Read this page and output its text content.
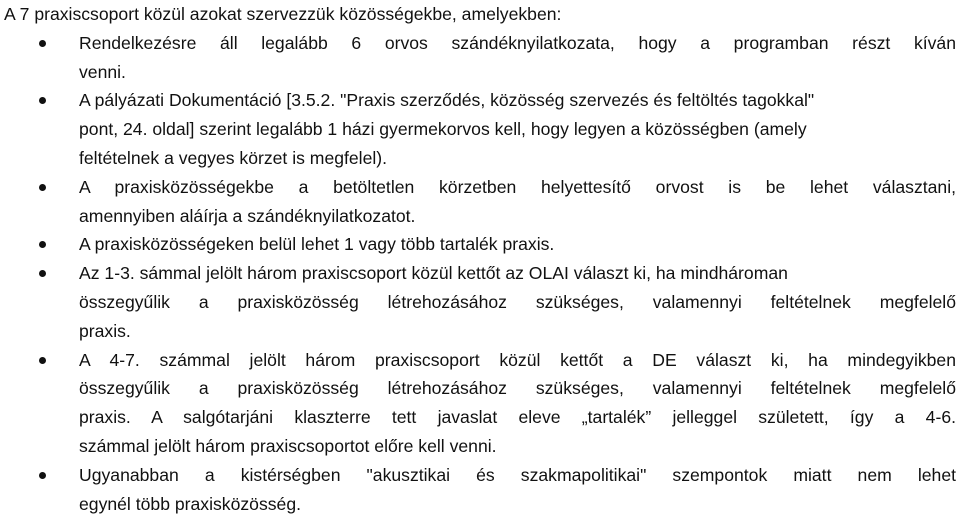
A 7 praxiscsoport közül azokat szervezzük közösségekbe, amelyekben:

Rendelkezésre áll legalább 6 orvos szándéknyilatkozata, hogy a programban részt kíván
venni.
A pályázati Dokumentáció [3.5.2. "Praxis szerződés, közösség szervezés és feltöltés tagokkal"
pont, 24. oldal] szerint legalább 1 házi gyermekorvos kell, hogy legyen a közösségben (amely
feltételnek a vegyes körzet is megfelel).
A praxisközösségekbe a betöltetlen körzetben helyettesítő orvost is be lehet választani,
amennyiben aláírja a szándéknyilatkozatot.
A praxisközösségeken belül lehet 1 vagy több tartalék praxis.
Az 1-3. sámmal jelölt három praxiscsoport közül kettőt az OLAI választ ki, ha mindhároman
összegyűlik a praxisközösség létrehozásához szükséges, valamennyi feltételnek megfelelő
praxis.
A 4-7. számmal jelölt három praxiscsoport közül kettőt a DE választ ki, ha mindegyikben
összegyűlik a praxisközösség létrehozásához szükséges, valamennyi feltételnek megfelelő
praxis. A salgótarjáni klaszterre tett javaslat eleve „tartalék” jelleggel született, így a 4-6.
számmal jelölt három praxiscsoportot előre kell venni.
Ugyanabban a kistérségben "akusztikai és szakmapolitikai" szempontok miatt nem lehet
egynél több praxisközösség.
